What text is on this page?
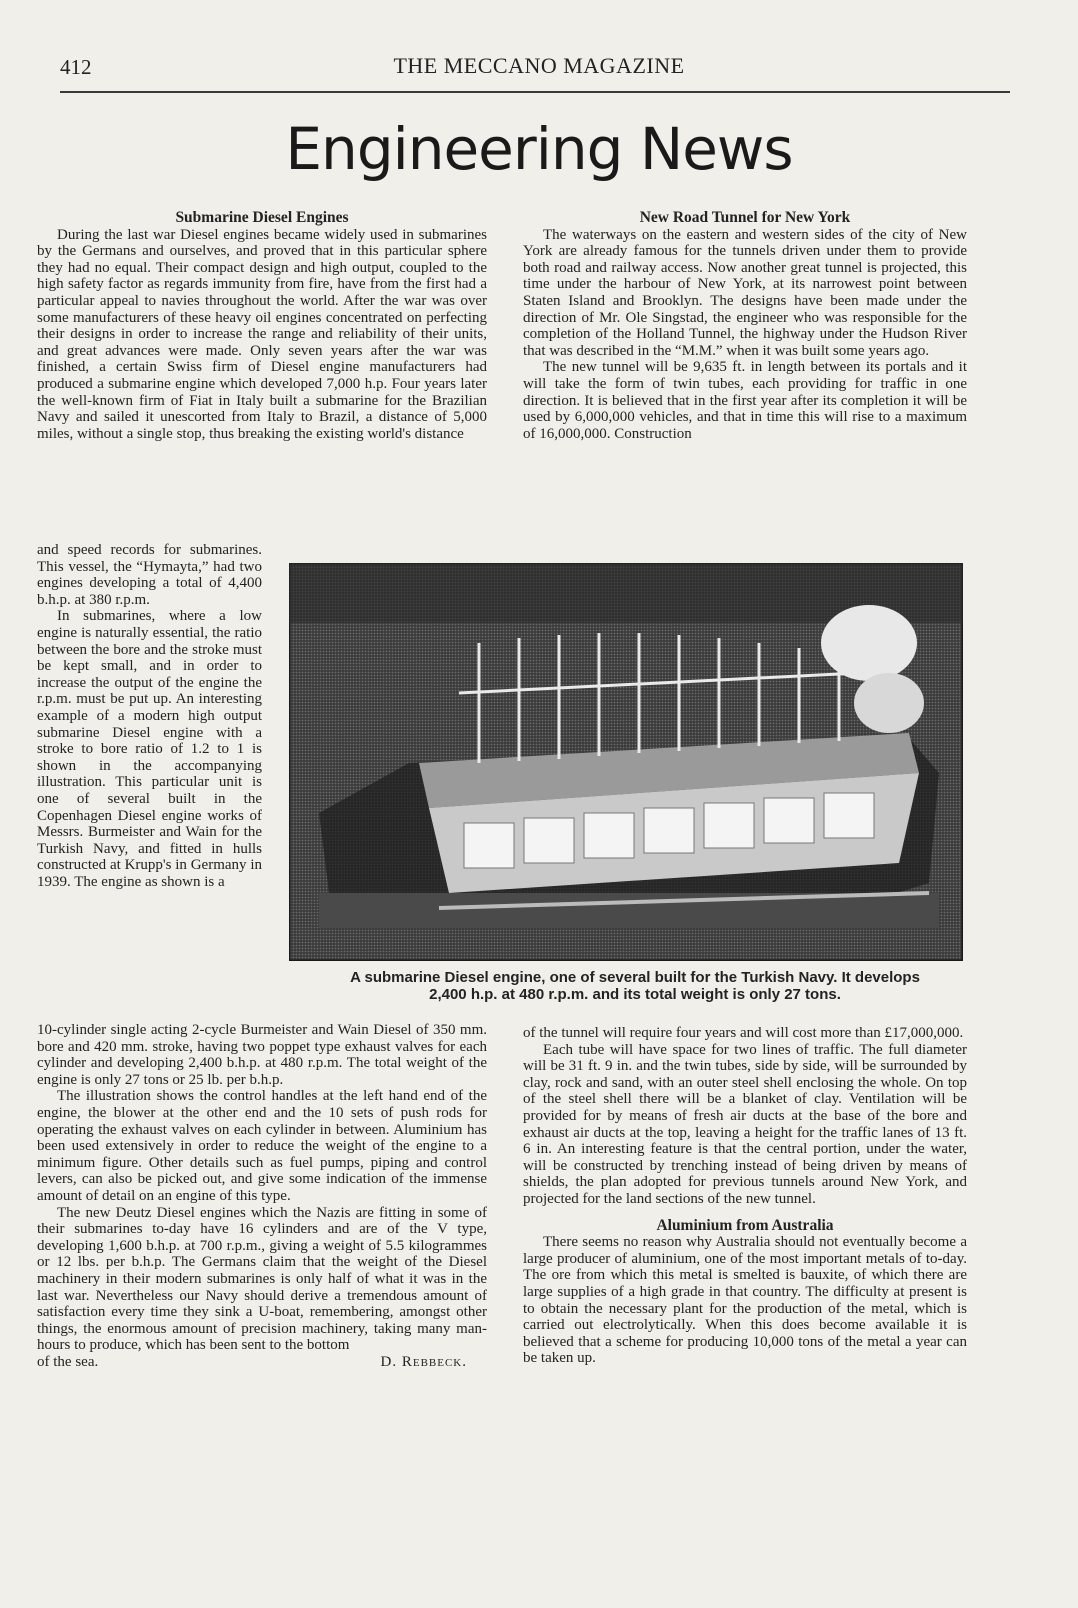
412	THE MECCANO MAGAZINE
Engineering News

Submarine Diesel Engines

During the last war Diesel engines became widely used in submarines by the Germans and ourselves, and proved that in this particular sphere they had no equal. Their compact design and high output, coupled to the high safety factor as regards immunity from fire, have from the first had a particular appeal to navies throughout the world. After the war was over some manufacturers of these heavy oil engines concentrated on perfecting their designs in order to increase the range and reliability of their units, and great advances were made. Only seven years after the war was finished, a certain Swiss firm of Diesel engine manufacturers had produced a submarine engine which developed 7,000 h.p. Four years later the well-known firm of Fiat in Italy built a submarine for the Brazilian Navy and sailed it unescorted from Italy to Brazil, a distance of 5,000 miles, without a single stop, thus breaking the existing world's distance

and speed records for submarines. This vessel, the “Hymayta,” had two engines developing a total of 4,400 b.h.p. at 380 r.p.m.

In submarines, where a low engine is naturally essential, the ratio between the bore and the stroke must be kept small, and in order to increase the output of the engine the r.p.m. must be put up. An interesting example of a modern high output submarine Diesel engine with a stroke to bore ratio of 1.2 to 1 is shown in the accompanying illustration. This particular unit is one of several built in the Copenhagen Diesel engine works of Messrs. Burmeister and Wain for the Turkish Navy, and fitted in hulls constructed at Krupp's in Germany in 1939. The engine as shown is a

10-cylinder single acting 2-cycle Burmeister and Wain Diesel of 350 mm. bore and 420 mm. stroke, having two poppet type exhaust valves for each cylinder and developing 2,400 b.h.p. at 480 r.p.m. The total weight of the engine is only 27 tons or 25 lb. per b.h.p.

The illustration shows the control handles at the left hand end of the engine, the blower at the other end and the 10 sets of push rods for operating the exhaust valves on each cylinder in between. Aluminium has been used extensively in order to reduce the weight of the engine to a minimum figure. Other details such as fuel pumps, piping and control levers, can also be picked out, and give some indication of the immense amount of detail on an engine of this type.

The new Deutz Diesel engines which the Nazis are fitting in some of their submarines to-day have 16 cylinders and are of the V type, developing 1,600 b.h.p. at 700 r.p.m., giving a weight of 5.5 kilogrammes or 12 lbs. per b.h.p. The Germans claim that the weight of the Diesel machinery in their modern submarines is only half of what it was in the last war. Nevertheless our Navy should derive a tremendous amount of satisfaction every time they sink a U-boat, remembering, amongst other things, the enormous amount of precision machinery, taking many man-hours to produce, which has been sent to the bottom

of the sea.	D. Rebbeck.

New Road Tunnel for New York

The waterways on the eastern and western sides of the city of New York are already famous for the tunnels driven under them to provide both road and railway access. Now another great tunnel is projected, this time under the harbour of New York, at its narrowest point between Staten Island and Brooklyn. The designs have been made under the direction of Mr. Ole Singstad, the engineer who was responsible for the completion of the Holland Tunnel, the highway under the Hudson River that was described in the “M.M.” when it was built some years ago.

The new tunnel will be 9,635 ft. in length between its portals and it will take the form of twin tubes, each providing for traffic in one direction. It is believed that in the first year after its completion it will be used by 6,000,000 vehicles, and that in time this will rise to a maximum of 16,000,000. Construction

A submarine Diesel engine, one of several built for the Turkish Navy. It develops
2,400 h.p. at 480 r.p.m. and its total weight is only 27 tons.

of the tunnel will require four years and will cost more than £17,000,000.

Each tube will have space for two lines of traffic. The full diameter will be 31 ft. 9 in. and the twin tubes, side by side, will be surrounded by clay, rock and sand, with an outer steel shell enclosing the whole. On top of the steel shell there will be a blanket of clay. Ventilation will be provided for by means of fresh air ducts at the base of the bore and exhaust air ducts at the top, leaving a height for the traffic lanes of 13 ft. 6 in. An interesting feature is that the central portion, under the water, will be constructed by trenching instead of being driven by means of shields, the plan adopted for previous tunnels around New York, and projected for the land sections of the new tunnel.

Aluminium from Australia

There seems no reason why Australia should not eventually become a large producer of aluminium, one of the most important metals of to-day. The ore from which this metal is smelted is bauxite, of which there are large supplies of a high grade in that country. The difficulty at present is to obtain the necessary plant for the production of the metal, which is carried out electrolytically. When this does become available it is believed that a scheme for producing 10,000 tons of the metal a year can be taken up.
